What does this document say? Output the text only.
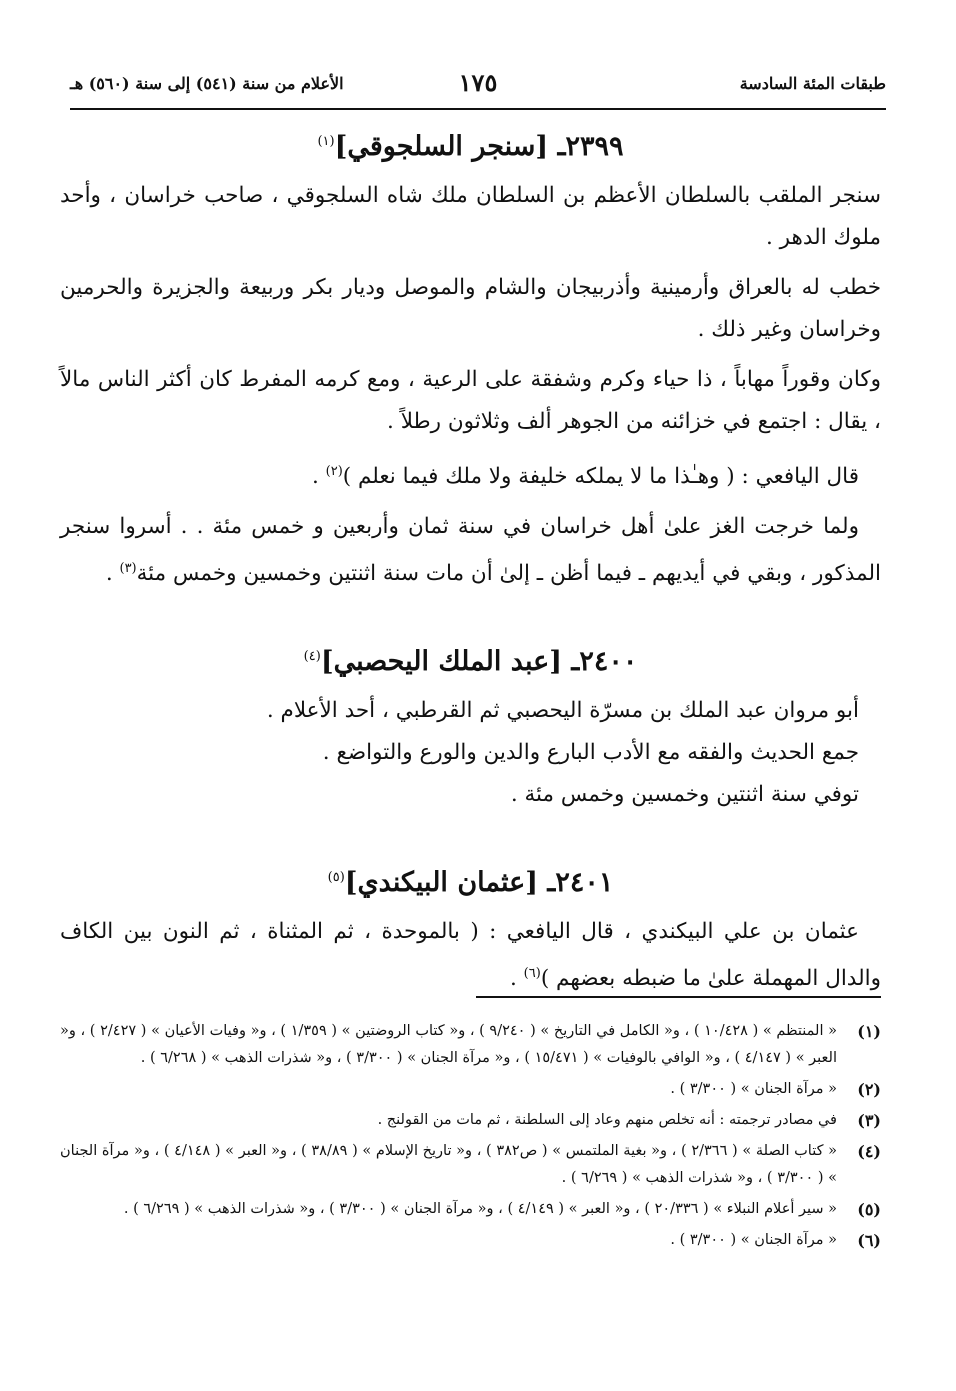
طبقات المئة السادسة
١٧٥
الأعلام من سنة (٥٤١) إلى سنة (٥٦٠) هـ
٢٣٩٩ـ [سنجر السلجوقي]$^{(١)}$

سنجر الملقب بالسلطان الأعظم بن السلطان ملك شاه السلجوقي ، صاحب خراسان ، وأحد ملوك الدهر .

خطب له بالعراق وأرمينية وأذربيجان والشام والموصل وديار بكر وربيعة والجزيرة والحرمين وخراسان وغير ذلك .

وكان وقوراً مهاباً ، ذا حياء وكرم وشفقة على الرعية ، ومع كرمه المفرط كان أكثر الناس مالاً ، يقال : اجتمع في خزائنه من الجوهر ألف وثلاثون رطلاً .

قال اليافعي : ( وهـٰذا ما لا يملكه خليفة ولا ملك فيما نعلم )$^{(٢)}$ .

ولما خرجت الغز علىٰ أهل خراسان في سنة ثمان وأربعين و خمس مئة . . أسروا سنجر المذكور ، وبقي في أيديهم ـ فيما أظن ـ إلىٰ أن مات سنة اثنتين وخمسين وخمس مئة$^{(٣)}$ .

٢٤٠٠ـ [عبد الملك اليحصبي]$^{(٤)}$

أبو مروان عبد الملك بن مسرّة اليحصبي ثم القرطبي ، أحد الأعلام .

جمع الحديث والفقه مع الأدب البارع والدين والورع والتواضع .

توفي سنة اثنتين وخمسين وخمس مئة .

٢٤٠١ـ [عثمان البيكندي]$^{(٥)}$

عثمان بن علي البيكندي ، قال اليافعي : ( بالموحدة ، ثم المثناة ، ثم النون بين الكاف والدال المهملة علىٰ ما ضبطه بعضهم )$^{(٦)}$ .

(١)
« المنتظم » ( ١٠/٤٢٨ ) ، و« الكامل في التاريخ » ( ٩/٢٤٠ ) ، و« كتاب الروضتين » ( ١/٣٥٩ ) ، و« وفيات الأعيان » ( ٢/٤٢٧ ) ، و« العبر » ( ٤/١٤٧ ) ، و« الوافي بالوفيات » ( ١٥/٤٧١ ) ، و« مرآة الجنان » ( ٣/٣٠٠ ) ، و« شذرات الذهب » ( ٦/٢٦٨ ) .
(٢)
« مرآة الجنان » ( ٣/٣٠٠ ) .
(٣)
في مصادر ترجمته : أنه تخلص منهم وعاد إلى السلطنة ، ثم مات من القولنج .
(٤)
« كتاب الصلة » ( ٢/٣٦٦ ) ، و« بغية الملتمس » ( ص٣٨٢ ) ، و« تاريخ الإسلام » ( ٣٨/٨٩ ) ، و« العبر » ( ٤/١٤٨ ) ، و« مرآة الجنان » ( ٣/٣٠٠ ) ، و« شذرات الذهب » ( ٦/٢٦٩ ) .
(٥)
« سير أعلام النبلاء » ( ٢٠/٣٣٦ ) ، و« العبر » ( ٤/١٤٩ ) ، و« مرآة الجنان » ( ٣/٣٠٠ ) ، و« شذرات الذهب » ( ٦/٢٦٩ ) .
(٦)
« مرآة الجنان » ( ٣/٣٠٠ ) .
